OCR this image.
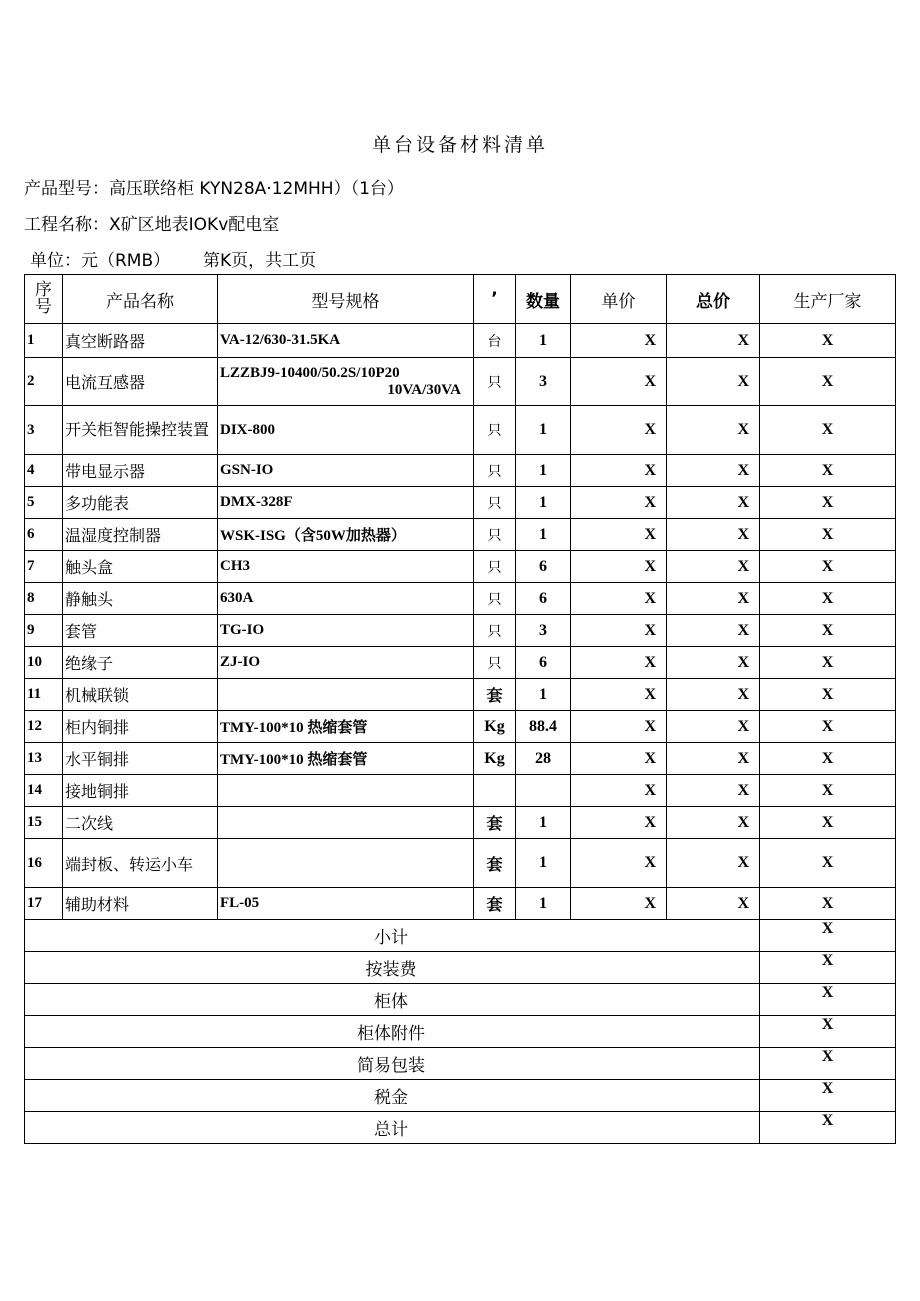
单台设备材料清单
产品型号：高压联络柜 KYN28A·12MHH）（1台）
工程名称：X矿区地表IOKv配电室
单位：元（RMB） 第K页，共工页
序号	产品名称	型号规格	’	数量	单价	总价	生产厂家
1	真空断路器	VA-12/630-31.5KA	台	1	X	X	X
2	电流互感器	LZZBJ9-10400/50.2S/10P20
10VA/30VA	只	3	X	X	X
3	开关柜智能操控装置	DIX-800	只	1	X	X	X
4	带电显示器	GSN-IO	只	1	X	X	X
5	多功能表	DMX-328F	只	1	X	X	X
6	温湿度控制器	WSK-ISG（含50W加热器）	只	1	X	X	X
7	触头盒	CH3	只	6	X	X	X
8	静触头	630A	只	6	X	X	X
9	套管	TG-IO	只	3	X	X	X
10	绝缘子	ZJ-IO	只	6	X	X	X
11	机械联锁		套	1	X	X	X
12	柜内铜排	TMY-100*10 热缩套管	Kg	88.4	X	X	X
13	水平铜排	TMY-100*10 热缩套管	Kg	28	X	X	X
14	接地铜排				X	X	X
15	二次线		套	1	X	X	X
16	端封板、转运小车		套	1	X	X	X
17	辅助材料	FL-05	套	1	X	X	X
小计							X
按装费							X
柜体							X
柜体附件							X
简易包装							X
税金							X
总计							X
